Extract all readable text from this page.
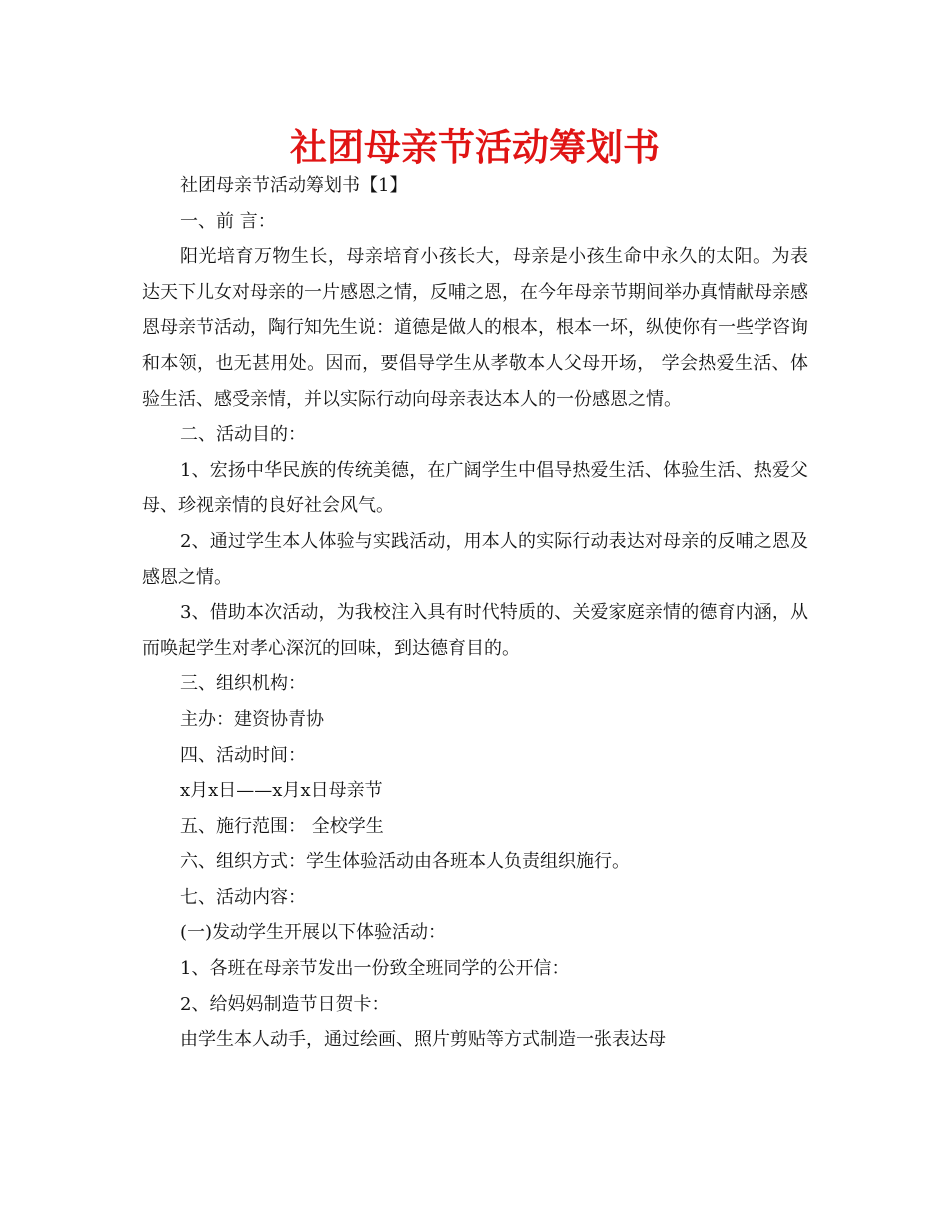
社团母亲节活动筹划书
社团母亲节活动筹划书【1】
一、前 言：

阳光培育万物生长，母亲培育小孩长大，母亲是小孩生命中永久的太阳。为表达天下儿女对母亲的一片感恩之情，反哺之恩，在今年母亲节期间举办真情献母亲感恩母亲节活动，陶行知先生说：道德是做人的根本，根本一坏，纵使你有一些学咨询和本领，也无甚用处。因而，要倡导学生从孝敬本人父母开场， 学会热爱生活、体验生活、感受亲情，并以实际行动向母亲表达本人的一份感恩之情。

二、活动目的：

1、宏扬中华民族的传统美德，在广阔学生中倡导热爱生活、体验生活、热爱父母、珍视亲情的良好社会风气。

2、通过学生本人体验与实践活动，用本人的实际行动表达对母亲的反哺之恩及感恩之情。

3、借助本次活动，为我校注入具有时代特质的、关爱家庭亲情的德育内涵，从而唤起学生对孝心深沉的回味，到达德育目的。

三、组织机构：
主办：建资协青协
四、活动时间：
x月x日——x月x日母亲节
五、施行范围： 全校学生
六、组织方式：学生体验活动由各班本人负责组织施行。
七、活动内容：
(一)发动学生开展以下体验活动：
1、各班在母亲节发出一份致全班同学的公开信：
2、给妈妈制造节日贺卡：
由学生本人动手，通过绘画、照片剪贴等方式制造一张表达母
